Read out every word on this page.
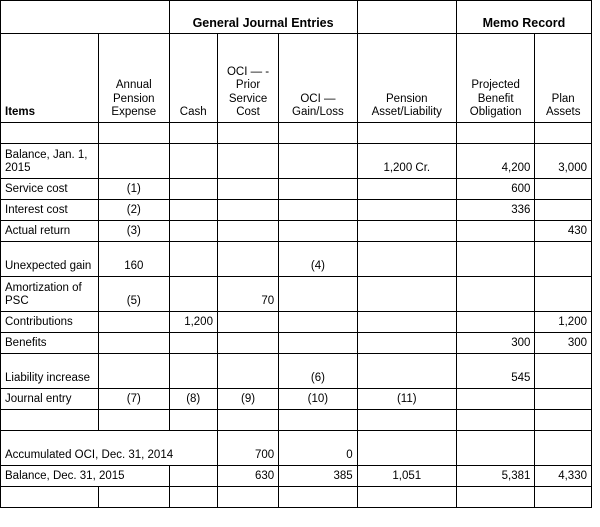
		General Journal Entries				Memo Record	
Items	Annual Pension Expense	Cash	OCI — - Prior Service Cost	OCI — Gain/Loss	Pension Asset/Liability	Projected Benefit Obligation	Plan Assets

Balance, Jan. 1, 2015					1,200 Cr.	4,200	3,000
Service cost	(1)					600	
Interest cost	(2)					336	
Actual return	(3)						430
Unexpected gain	160			(4)			
Amortization of PSC	(5)		70				
Contributions		1,200					1,200
Benefits						300	300
Liability increase				(6)		545	
Journal entry	(7)	(8)	(9)	(10)	(11)		

Accumulated OCI, Dec. 31, 2014			700	0			
Balance, Dec. 31, 2015			630	385	1,051	5,381	4,330
